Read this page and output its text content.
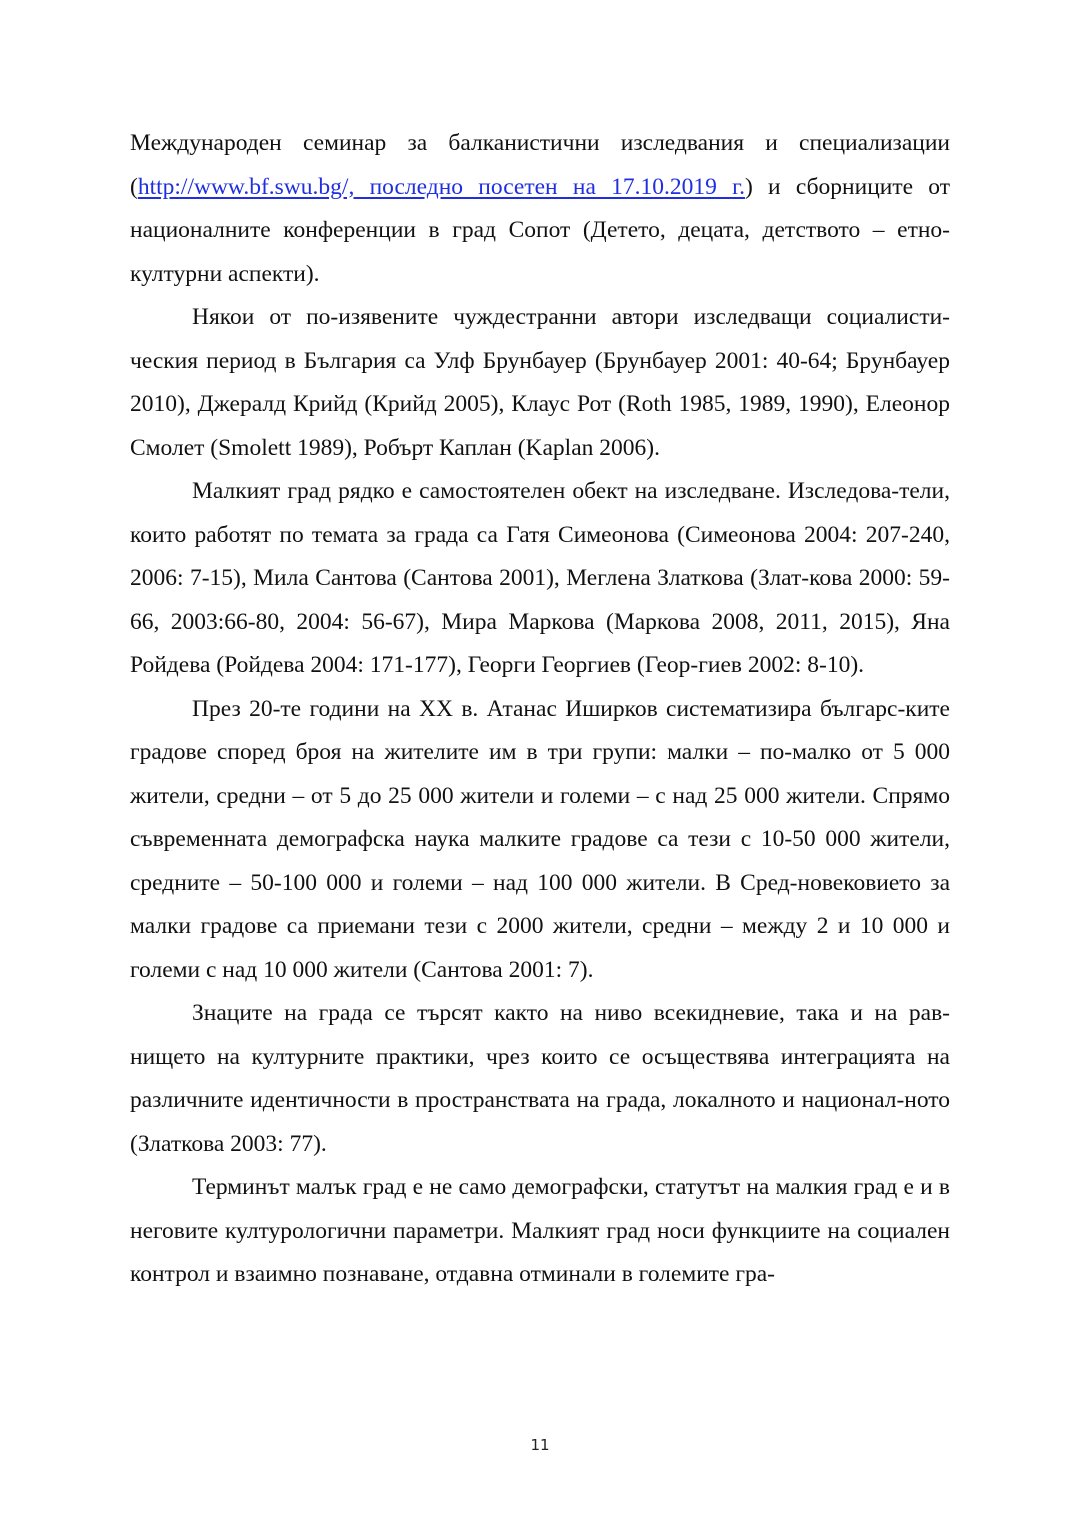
Международен семинар за балканистични изследвания и специализации (http://www.bf.swu.bg/, последно посетен на 17.10.2019 г.) и сборниците от националните конференции в град Сопот (Детето, децата, детството – етно-културни аспекти).

Някои от по-изявените чуждестранни автори изследващи социалисти-ческия период в България са Улф Брунбауер (Брунбауер 2001: 40-64; Брунбауер 2010), Джералд Крийд (Крийд 2005), Клаус Рот (Roth 1985, 1989, 1990), Елеонор Смолет (Smolett 1989), Робърт Каплан (Kaplan 2006).

Малкият град рядко е самостоятелен обект на изследване. Изследова-тели, които работят по темата за града са Гатя Симеонова (Симеонова 2004: 207-240, 2006: 7-15), Мила Сантова (Сантова 2001), Меглена Златкова (Злат-кова 2000: 59-66, 2003:66-80, 2004: 56-67), Мира Маркова (Маркова 2008, 2011, 2015), Яна Ройдева (Ройдева 2004: 171-177), Георги Георгиев (Геор-гиев 2002: 8-10).

През 20-те години на XX в. Атанас Иширков систематизира българс-ките градове според броя на жителите им в три групи: малки – по-малко от 5 000 жители, средни – от 5 до 25 000 жители и големи – с над 25 000 жители. Спрямо съвременната демографска наука малките градове са тези с 10-50 000 жители, средните – 50-100 000 и големи – над 100 000 жители. В Сред-новековието за малки градове са приемани тези с 2000 жители, средни – между 2 и 10 000 и големи с над 10 000 жители (Сантова 2001: 7).

Знаците на града се търсят както на ниво всекидневие, така и на рав-нището на културните практики, чрез които се осъществява интеграцията на различните идентичности в пространствата на града, локалното и национал-ното (Златкова 2003: 77).

Терминът малък град е не само демографски, статутът на малкия град е и в неговите културологични параметри. Малкият град носи функциите на социален контрол и взаимно познаване, отдавна отминали в големите гра-

11
